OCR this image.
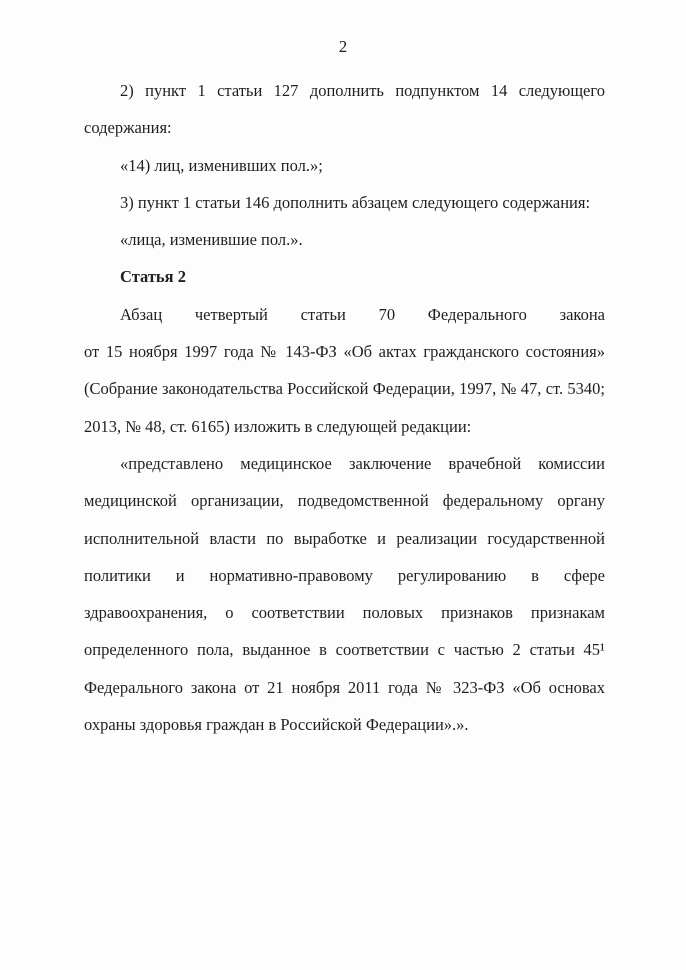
2
2) пункт 1 статьи 127 дополнить подпунктом 14 следующего
содержания:
«14) лиц, изменивших пол.»;
3) пункт 1 статьи 146 дополнить абзацем следующего содержания:
«лица, изменившие пол.».
Статья 2
Абзац четвертый статьи 70 Федерального закона
от 15 ноября 1997 года № 143-ФЗ «Об актах гражданского состояния»
(Собрание законодательства Российской Федерации, 1997, № 47, ст. 5340;
2013, № 48, ст. 6165) изложить в следующей редакции:
«представлено медицинское заключение врачебной комиссии
медицинской организации, подведомственной федеральному органу
исполнительной власти по выработке и реализации государственной
политики и нормативно-правовому регулированию в сфере
здравоохранения, о соответствии половых признаков признакам
определенного пола, выданное в соответствии с частью 2 статьи 45¹
Федерального закона от 21 ноября 2011 года № 323-ФЗ «Об основах
охраны здоровья граждан в Российской Федерации».».
